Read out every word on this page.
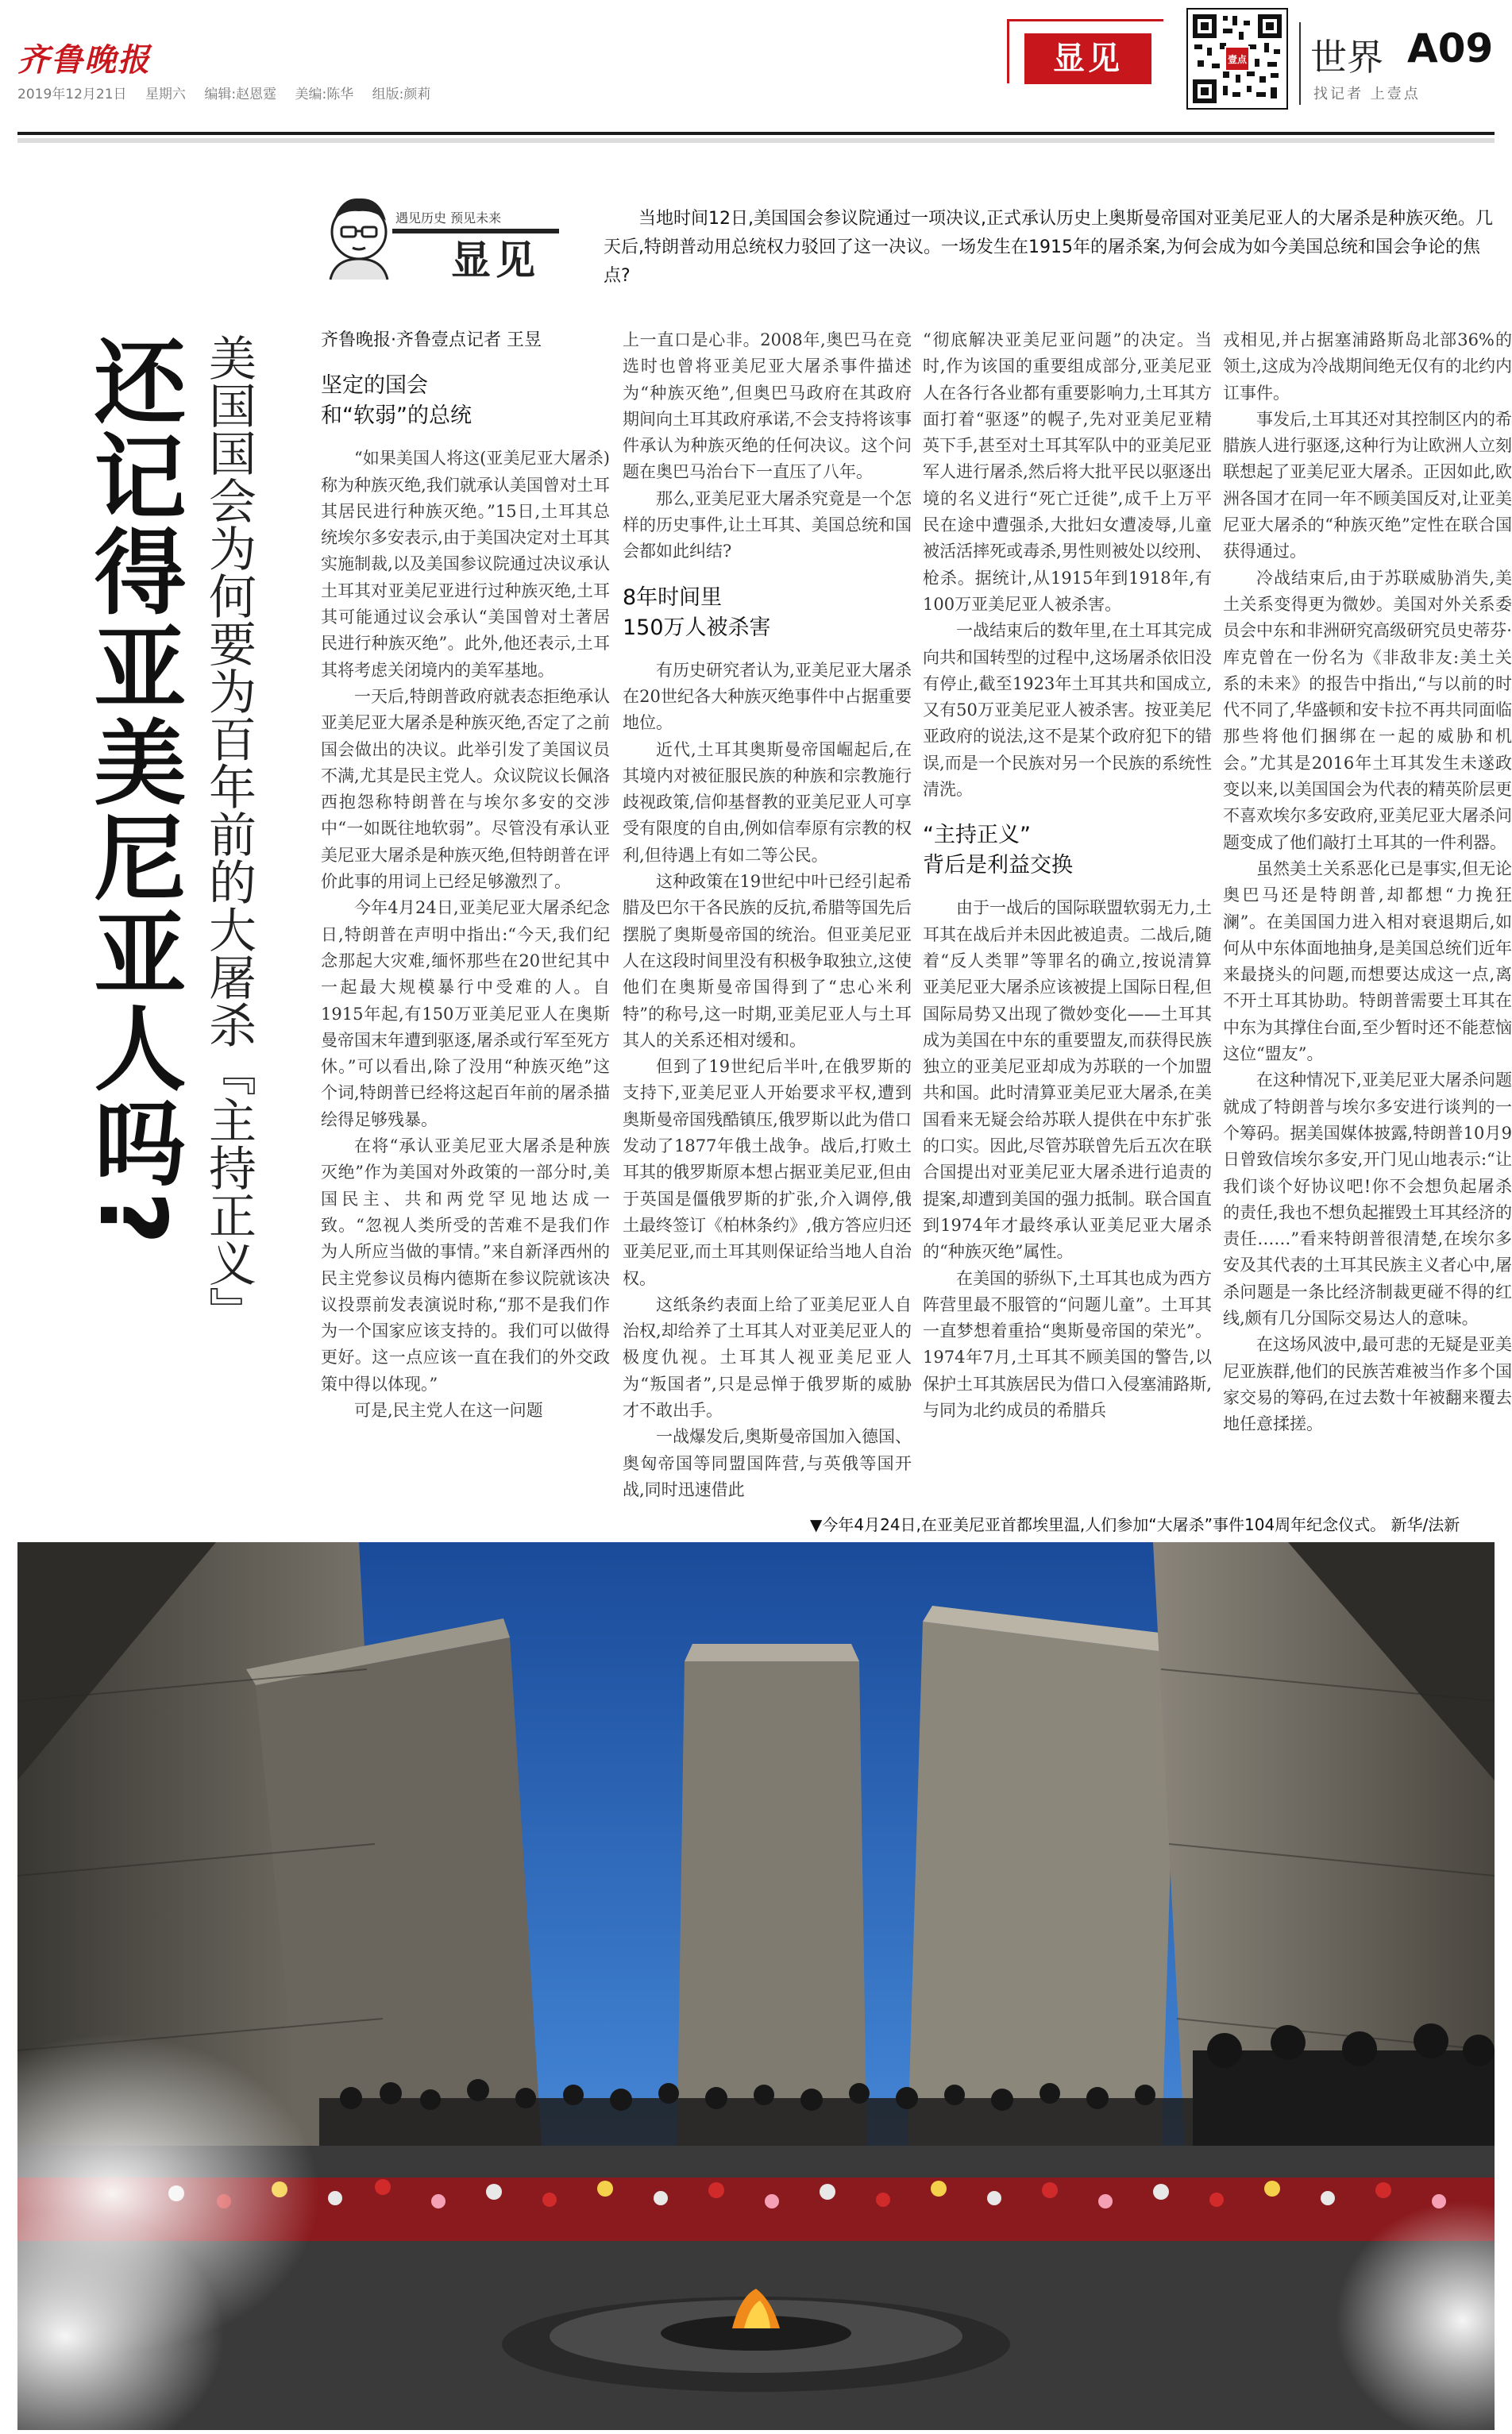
齐鲁晚报
2019年12月21日 星期六 编辑:赵恩霆 美编:陈华 组版:颜莉
显见	壹点 世界 A09
找记者 上壹点
遇见历史 预见未来
显见
当地时间12日,美国国会参议院通过一项决议,正式承认历史上奥斯曼帝国对亚美尼亚人的大屠杀是种族灭绝。几天后,特朗普动用总统权力驳回了这一决议。一场发生在1915年的屠杀案,为何会成为如今美国总统和国会争论的焦点?
还记得亚美尼亚人吗? 美国国会为何要为百年前的大屠杀『主持正义』	齐鲁晚报·齐鲁壹点记者 王昱

坚定的国会
和“软弱”的总统

“如果美国人将这(亚美尼亚大屠杀)称为种族灭绝,我们就承认美国曾对土耳其居民进行种族灭绝。”15日,土耳其总统埃尔多安表示,由于美国决定对土耳其实施制裁,以及美国参议院通过决议承认土耳其对亚美尼亚进行过种族灭绝,土耳其可能通过议会承认“美国曾对土著居民进行种族灭绝”。此外,他还表示,土耳其将考虑关闭境内的美军基地。

一天后,特朗普政府就表态拒绝承认亚美尼亚大屠杀是种族灭绝,否定了之前国会做出的决议。此举引发了美国议员不满,尤其是民主党人。众议院议长佩洛西抱怨称特朗普在与埃尔多安的交涉中“一如既往地软弱”。尽管没有承认亚美尼亚大屠杀是种族灭绝,但特朗普在评价此事的用词上已经足够激烈了。

今年4月24日,亚美尼亚大屠杀纪念日,特朗普在声明中指出:“今天,我们纪念那起大灾难,缅怀那些在20世纪其中一起最大规模暴行中受难的人。自1915年起,有150万亚美尼亚人在奥斯曼帝国末年遭到驱逐,屠杀或行军至死方休。”可以看出,除了没用“种族灭绝”这个词,特朗普已经将这起百年前的屠杀描绘得足够残暴。

在将“承认亚美尼亚大屠杀是种族灭绝”作为美国对外政策的一部分时,美国民主、共和两党罕见地达成一致。“忽视人类所受的苦难不是我们作为人所应当做的事情。”来自新泽西州的民主党参议员梅内德斯在参议院就该决议投票前发表演说时称,“那不是我们作为一个国家应该支持的。我们可以做得更好。这一点应该一直在我们的外交政策中得以体现。”

可是,民主党人在这一问题

上一直口是心非。2008年,奥巴马在竞选时也曾将亚美尼亚大屠杀事件描述为“种族灭绝”,但奥巴马政府在其政府期间向土耳其政府承诺,不会支持将该事件承认为种族灭绝的任何决议。这个问题在奥巴马治台下一直压了八年。

那么,亚美尼亚大屠杀究竟是一个怎样的历史事件,让土耳其、美国总统和国会都如此纠结?

8年时间里
150万人被杀害

有历史研究者认为,亚美尼亚大屠杀在20世纪各大种族灭绝事件中占据重要地位。

近代,土耳其奥斯曼帝国崛起后,在其境内对被征服民族的种族和宗教施行歧视政策,信仰基督教的亚美尼亚人可享受有限度的自由,例如信奉原有宗教的权利,但待遇上有如二等公民。

这种政策在19世纪中叶已经引起希腊及巴尔干各民族的反抗,希腊等国先后摆脱了奥斯曼帝国的统治。但亚美尼亚人在这段时间里没有积极争取独立,这使他们在奥斯曼帝国得到了“忠心米利特”的称号,这一时期,亚美尼亚人与土耳其人的关系还相对缓和。

但到了19世纪后半叶,在俄罗斯的支持下,亚美尼亚人开始要求平权,遭到奥斯曼帝国残酷镇压,俄罗斯以此为借口发动了1877年俄土战争。战后,打败土耳其的俄罗斯原本想占据亚美尼亚,但由于英国是僵俄罗斯的扩张,介入调停,俄土最终签订《柏林条约》,俄方答应归还亚美尼亚,而土耳其则保证给当地人自治权。

这纸条约表面上给了亚美尼亚人自治权,却给养了土耳其人对亚美尼亚人的极度仇视。土耳其人视亚美尼亚人为“叛国者”,只是忌惮于俄罗斯的威胁才不敢出手。

一战爆发后,奥斯曼帝国加入德国、奥匈帝国等同盟国阵营,与英俄等国开战,同时迅速借此

“彻底解决亚美尼亚问题”的决定。当时,作为该国的重要组成部分,亚美尼亚人在各行各业都有重要影响力,土耳其方面打着“驱逐”的幌子,先对亚美尼亚精英下手,甚至对土耳其军队中的亚美尼亚军人进行屠杀,然后将大批平民以驱逐出境的名义进行“死亡迁徙”,成千上万平民在途中遭强杀,大批妇女遭凌辱,儿童被活活摔死或毒杀,男性则被处以绞刑、枪杀。据统计,从1915年到1918年,有100万亚美尼亚人被杀害。

一战结束后的数年里,在土耳其完成向共和国转型的过程中,这场屠杀依旧没有停止,截至1923年土耳其共和国成立,又有50万亚美尼亚人被杀害。按亚美尼亚政府的说法,这不是某个政府犯下的错误,而是一个民族对另一个民族的系统性清洗。

“主持正义”
背后是利益交换

由于一战后的国际联盟软弱无力,土耳其在战后并未因此被追责。二战后,随着“反人类罪”等罪名的确立,按说清算亚美尼亚大屠杀应该被提上国际日程,但国际局势又出现了微妙变化——土耳其成为美国在中东的重要盟友,而获得民族独立的亚美尼亚却成为苏联的一个加盟共和国。此时清算亚美尼亚大屠杀,在美国看来无疑会给苏联人提供在中东扩张的口实。因此,尽管苏联曾先后五次在联合国提出对亚美尼亚大屠杀进行追责的提案,却遭到美国的强力抵制。联合国直到1974年才最终承认亚美尼亚大屠杀的“种族灭绝”属性。

在美国的骄纵下,土耳其也成为西方阵营里最不服管的“问题儿童”。土耳其一直梦想着重拾“奥斯曼帝国的荣光”。1974年7月,土耳其不顾美国的警告,以保护土耳其族居民为借口入侵塞浦路斯,与同为北约成员的希腊兵

戎相见,并占据塞浦路斯岛北部36%的领土,这成为冷战期间绝无仅有的北约内讧事件。

事发后,土耳其还对其控制区内的希腊族人进行驱逐,这种行为让欧洲人立刻联想起了亚美尼亚大屠杀。正因如此,欧洲各国才在同一年不顾美国反对,让亚美尼亚大屠杀的“种族灭绝”定性在联合国获得通过。

冷战结束后,由于苏联威胁消失,美土关系变得更为微妙。美国对外关系委员会中东和非洲研究高级研究员史蒂芬·库克曾在一份名为《非敌非友:美土关系的未来》的报告中指出,“与以前的时代不同了,华盛顿和安卡拉不再共同面临那些将他们捆绑在一起的威胁和机会。”尤其是2016年土耳其发生未遂政变以来,以美国国会为代表的精英阶层更不喜欢埃尔多安政府,亚美尼亚大屠杀问题变成了他们敲打土耳其的一件利器。

虽然美土关系恶化已是事实,但无论奥巴马还是特朗普,却都想“力挽狂澜”。在美国国力进入相对衰退期后,如何从中东体面地抽身,是美国总统们近年来最挠头的问题,而想要达成这一点,离不开土耳其协助。特朗普需要土耳其在中东为其撑住台面,至少暂时还不能惹恼这位“盟友”。

在这种情况下,亚美尼亚大屠杀问题就成了特朗普与埃尔多安进行谈判的一个筹码。据美国媒体披露,特朗普10月9日曾致信埃尔多安,开门见山地表示:“让我们谈个好协议吧!你不会想负起屠杀的责任,我也不想负起摧毁土耳其经济的责任……”看来特朗普很清楚,在埃尔多安及其代表的土耳其民族主义者心中,屠杀问题是一条比经济制裁更碰不得的红线,颇有几分国际交易达人的意味。

在这场风波中,最可悲的无疑是亚美尼亚族群,他们的民族苦难被当作多个国家交易的筹码,在过去数十年被翻来覆去地任意揉搓。

▼今年4月24日,在亚美尼亚首都埃里温,人们参加“大屠杀”事件104周年纪念仪式。 新华/法新
